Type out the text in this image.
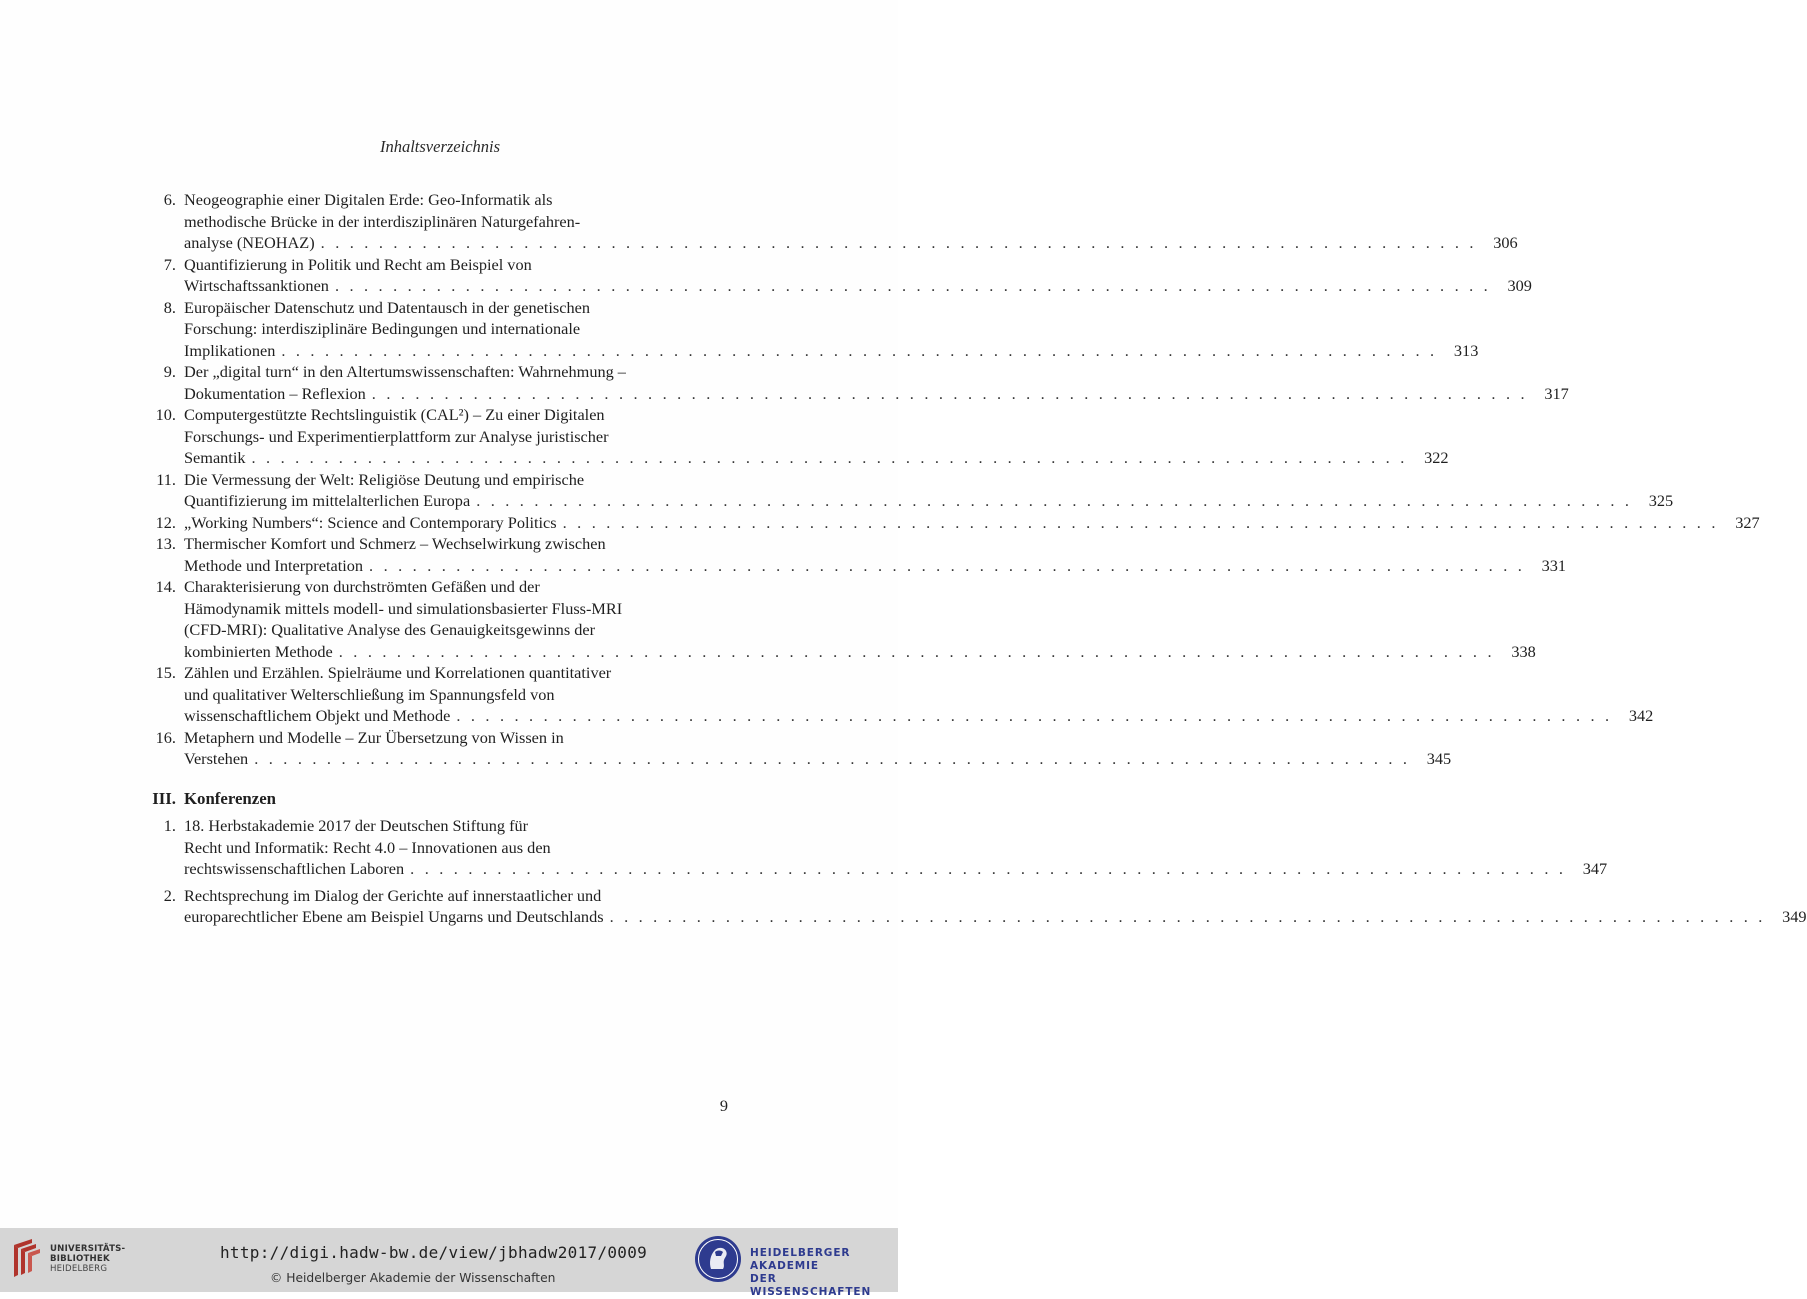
Inhaltsverzeichnis
6. Neogeographie einer Digitalen Erde: Geo-Informatik als
methodische Brücke in der interdisziplinären Naturgefahren-
analyse (NEOHAZ) . . . . . . . . . . . . . . . . . . . . . . . . . . . . . . . . . . . . . . . . . . . . . . . . . . . . . . . . . . . . . . . . . . . . . . . . . . . . . . . .	306
7. Quantifizierung in Politik und Recht am Beispiel von
Wirtschaftssanktionen . . . . . . . . . . . . . . . . . . . . . . . . . . . . . . . . . . . . . . . . . . . . . . . . . . . . . . . . . . . . . . . . . . . . . . . . . . . . . . . .	309
8. Europäischer Datenschutz und Datentausch in der genetischen
Forschung: interdisziplinäre Bedingungen und internationale
Implikationen . . . . . . . . . . . . . . . . . . . . . . . . . . . . . . . . . . . . . . . . . . . . . . . . . . . . . . . . . . . . . . . . . . . . . . . . . . . . . . . .	313
9. Der „digital turn“ in den Altertumswissenschaften: Wahrnehmung –
Dokumentation – Reflexion . . . . . . . . . . . . . . . . . . . . . . . . . . . . . . . . . . . . . . . . . . . . . . . . . . . . . . . . . . . . . . . . . . . . . . . . . . . . . . . .	317
10. Computergestützte Rechtslinguistik (CAL²) – Zu einer Digitalen
Forschungs- und Experimentierplattform zur Analyse juristischer
Semantik . . . . . . . . . . . . . . . . . . . . . . . . . . . . . . . . . . . . . . . . . . . . . . . . . . . . . . . . . . . . . . . . . . . . . . . . . . . . . . . .	322
11. Die Vermessung der Welt: Religiöse Deutung und empirische
Quantifizierung im mittelalterlichen Europa . . . . . . . . . . . . . . . . . . . . . . . . . . . . . . . . . . . . . . . . . . . . . . . . . . . . . . . . . . . . . . . . . . . . . . . . . . . . . . . .	325
12. „Working Numbers“: Science and Contemporary Politics . . . . . . . . . . . . . . . . . . . . . . . . . . . . . . . . . . . . . . . . . . . . . . . . . . . . . . . . . . . . . . . . . . . . . . . . . . . . . . . .	327
13. Thermischer Komfort und Schmerz – Wechselwirkung zwischen
Methode und Interpretation . . . . . . . . . . . . . . . . . . . . . . . . . . . . . . . . . . . . . . . . . . . . . . . . . . . . . . . . . . . . . . . . . . . . . . . . . . . . . . . .	331
14. Charakterisierung von durchströmten Gefäßen und der
Hämodynamik mittels modell- und simulationsbasierter Fluss-MRI
(CFD-MRI): Qualitative Analyse des Genauigkeitsgewinns der
kombinierten Methode . . . . . . . . . . . . . . . . . . . . . . . . . . . . . . . . . . . . . . . . . . . . . . . . . . . . . . . . . . . . . . . . . . . . . . . . . . . . . . . .	338
15. Zählen und Erzählen. Spielräume und Korrelationen quantitativer
und qualitativer Welterschließung im Spannungsfeld von
wissenschaftlichem Objekt und Methode . . . . . . . . . . . . . . . . . . . . . . . . . . . . . . . . . . . . . . . . . . . . . . . . . . . . . . . . . . . . . . . . . . . . . . . . . . . . . . . .	342
16. Metaphern und Modelle – Zur Übersetzung von Wissen in
Verstehen . . . . . . . . . . . . . . . . . . . . . . . . . . . . . . . . . . . . . . . . . . . . . . . . . . . . . . . . . . . . . . . . . . . . . . . . . . . . . . . .	345
III. Konferenzen
1. 18. Herbstakademie 2017 der Deutschen Stiftung für
Recht und Informatik: Recht 4.0 – Innovationen aus den
rechtswissenschaftlichen Laboren . . . . . . . . . . . . . . . . . . . . . . . . . . . . . . . . . . . . . . . . . . . . . . . . . . . . . . . . . . . . . . . . . . . . . . . . . . . . . . . .	347
2. Rechtsprechung im Dialog der Gerichte auf innerstaatlicher und
europarechtlicher Ebene am Beispiel Ungarns und Deutschlands . . . . . . . . . . . . . . . . . . . . . . . . . . . . . . . . . . . . . . . . . . . . . . . . . . . . . . . . . . . . . . . . . . . . . . . . . . . . . . . .	349
9
UNIVERSITÄTS-
BIBLIOTHEK
HEIDELBERG
http://digi.hadw-bw.de/view/jbhadw2017/0009
© Heidelberger Akademie der Wissenschaften
HEIDELBERGER AKADEMIE
DER WISSENSCHAFTEN
